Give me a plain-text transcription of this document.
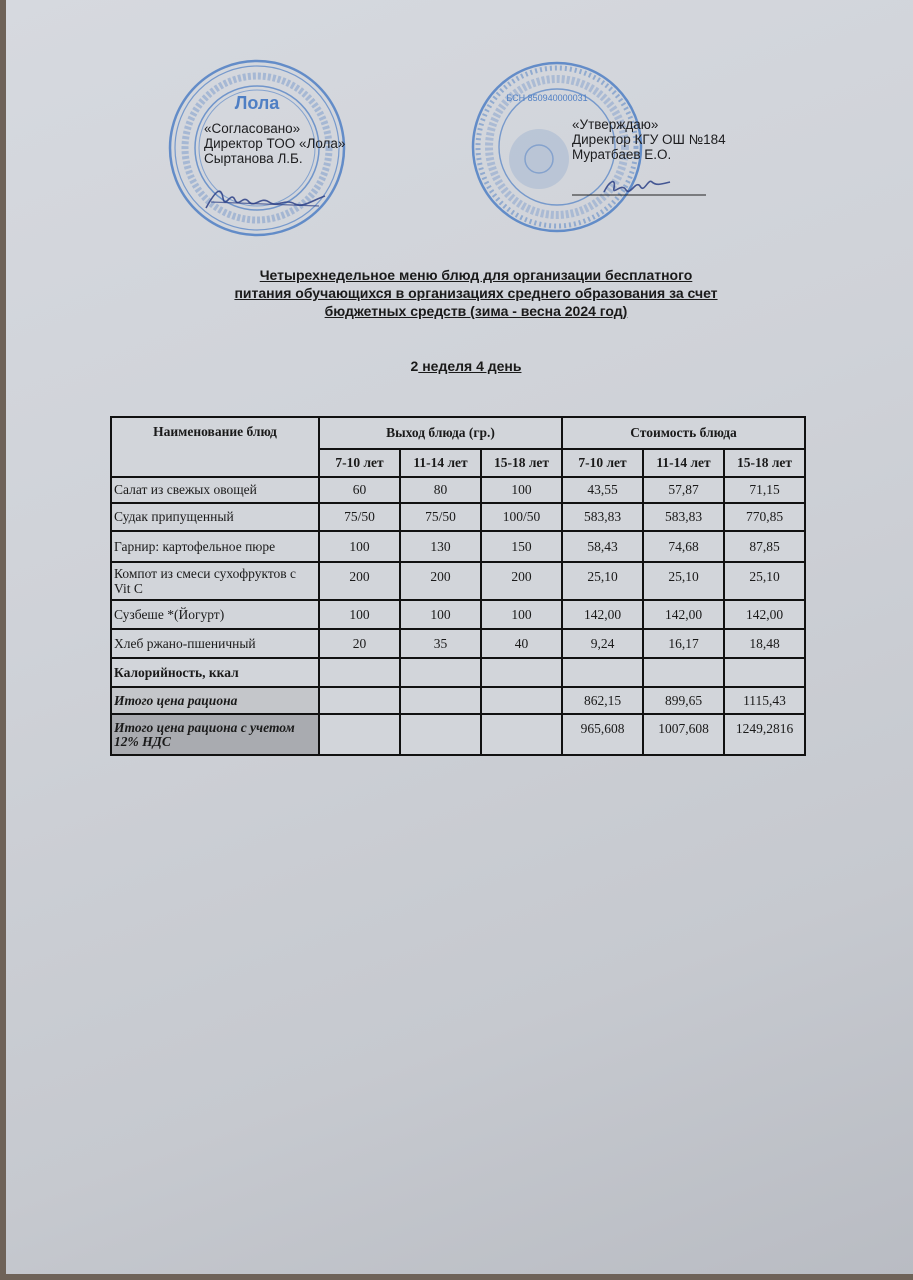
Лола	БСН 850940000031
«Согласовано»
Директор ТОО «Лола»
Сыртанова Л.Б.
«Утверждаю»
Директор КГУ ОШ №184
Муратбаев Е.О.
Четырехнедельное меню блюд для организации бесплатного
питания обучающихся в организациях среднего образования за счет
бюджетных средств (зима - весна 2024 год)
2 неделя 4 день
Наименование блюд	Выход блюда (гр.)			Стоимость блюда		
	7-10 лет	11-14 лет	15-18 лет	7-10 лет	11-14 лет	15-18 лет
Салат из свежых овощей	60	80	100	43,55	57,87	71,15
Судак припущенный	75/50	75/50	100/50	583,83	583,83	770,85
Гарнир: картофельное пюре	100	130	150	58,43	74,68	87,85
Компот из смеси сухофруктов с Vit C	200	200	200	25,10	25,10	25,10
Сузбеше *(Йогурт)	100	100	100	142,00	142,00	142,00
Хлеб ржано-пшеничный	20	35	40	9,24	16,17	18,48
Калорийность, ккал						
Итого цена рациона				862,15	899,65	1115,43
Итого цена рациона с учетом 12% НДС				965,608	1007,608	1249,2816
